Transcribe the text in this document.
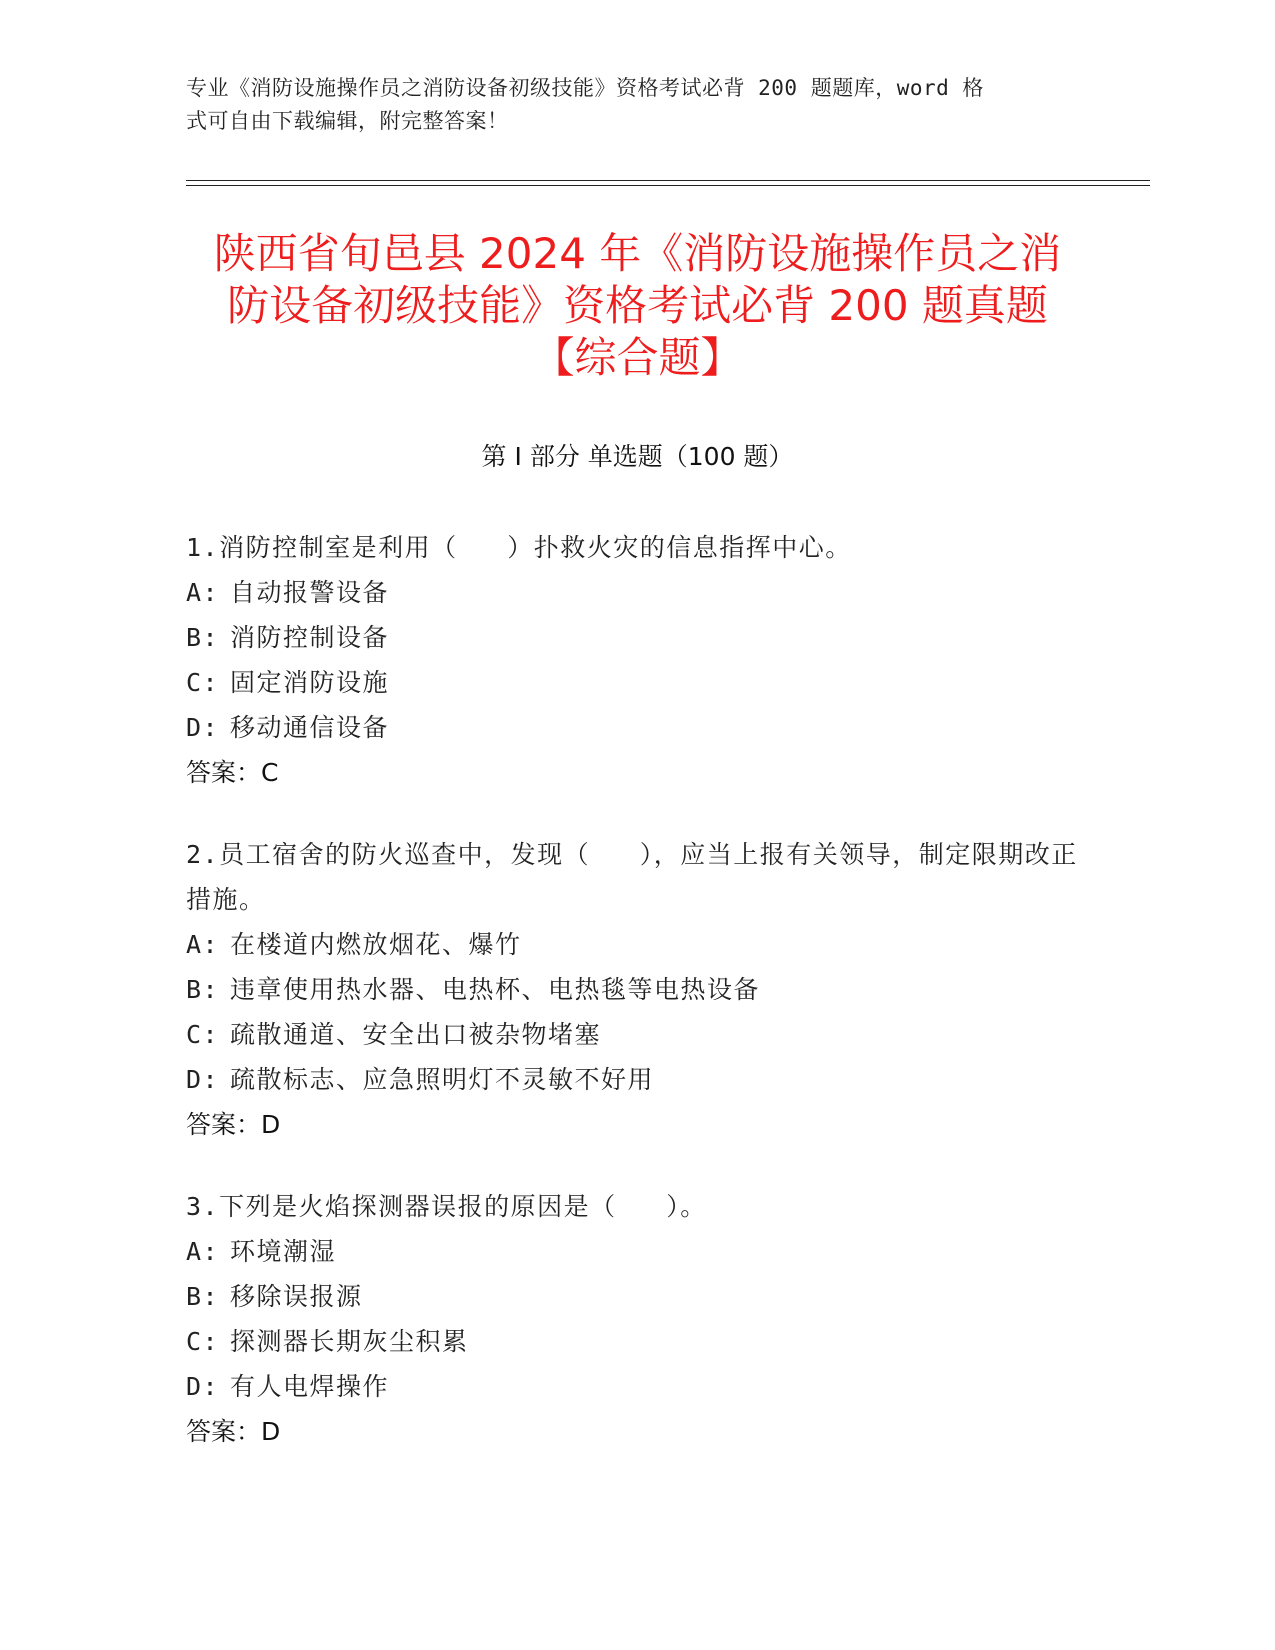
专业《消防设施操作员之消防设备初级技能》资格考试必背 200 题题库，word 格
式可自由下载编辑，附完整答案！
陕西省旬邑县 2024 年《消防设施操作员之消
防设备初级技能》资格考试必背 200 题真题
【综合题】
第 I 部分 单选题（100 题）
1.消防控制室是利用（   ）扑救火灾的信息指挥中心。
A: 自动报警设备
B: 消防控制设备
C: 固定消防设施
D: 移动通信设备
答案：C
2.员工宿舍的防火巡查中，发现（   ），应当上报有关领导，制定限期改正措施。
A: 在楼道内燃放烟花、爆竹
B: 违章使用热水器、电热杯、电热毯等电热设备
C: 疏散通道、安全出口被杂物堵塞
D: 疏散标志、应急照明灯不灵敏不好用
答案：D
3.下列是火焰探测器误报的原因是（   ）。
A: 环境潮湿
B: 移除误报源
C: 探测器长期灰尘积累
D: 有人电焊操作
答案：D
